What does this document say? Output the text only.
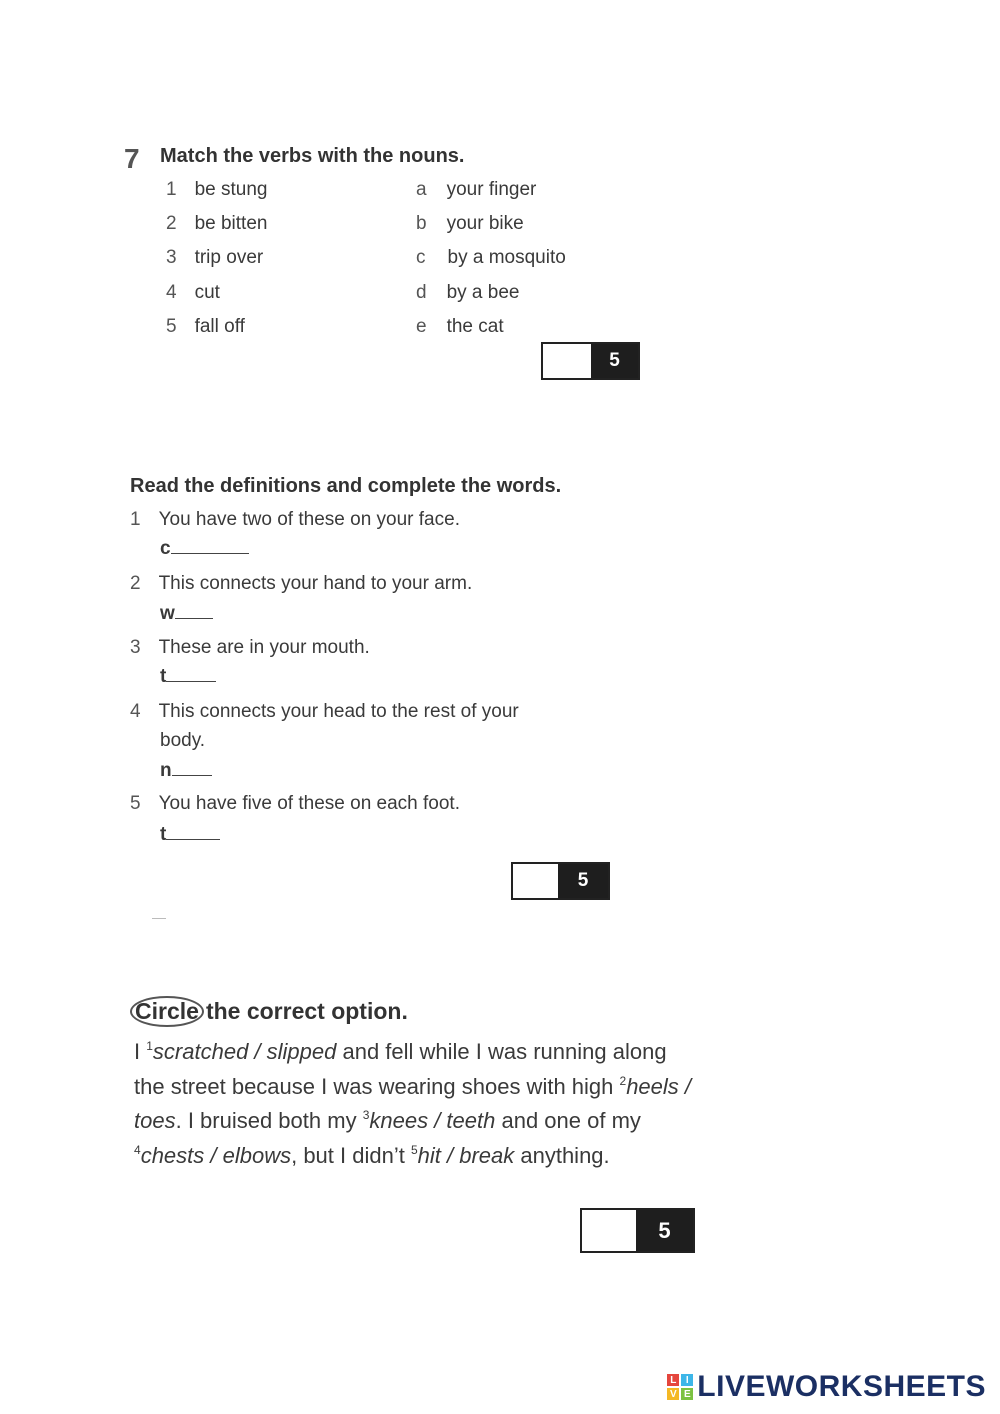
7 Match the verbs with the nouns.
1 be stung
2 be bitten
3 trip over
4 cut
5 fall off
a your finger
b your bike
c by a mosquito
d by a bee
e the cat
5
Read the definitions and complete the words.
1 You have two of these on your face.
c
2 This connects your hand to your arm.
w
3 These are in your mouth.
t
4 This connects your head to the rest of your
body.
n
5 You have five of these on each foot.
t
5
Circle the correct option.
I $^1$scratched / slipped and fell while I was running along the street because I was wearing shoes with high $^2$heels / toes. I bruised both my $^3$knees / teeth and one of my $^4$chests / elbows, but I didn’t $^5$hit / break anything.
5
L I
V E LIVEWORKSHEETS
